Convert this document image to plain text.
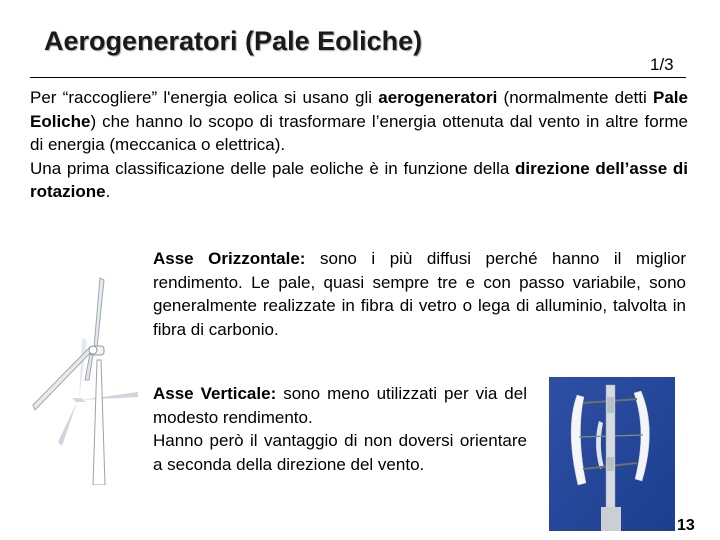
Aerogeneratori (Pale Eoliche)
1/3
Per “raccogliere” l'energia eolica si usano gli aerogeneratori (normalmente detti Pale Eoliche) che hanno lo scopo di trasformare l’energia ottenuta dal vento in altre forme di energia (meccanica o elettrica).
Una prima classificazione delle pale eoliche è in funzione della direzione dell’asse di rotazione.
Asse Orizzontale: sono i più diffusi perché hanno il miglior rendimento. Le pale, quasi sempre tre e con passo variabile, sono generalmente realizzate in fibra di vetro o lega di alluminio, talvolta in fibra di carbonio.
Asse Verticale: sono meno utilizzati per via del modesto rendimento.
Hanno però il vantaggio di non doversi orientare a seconda della direzione del vento.
13
